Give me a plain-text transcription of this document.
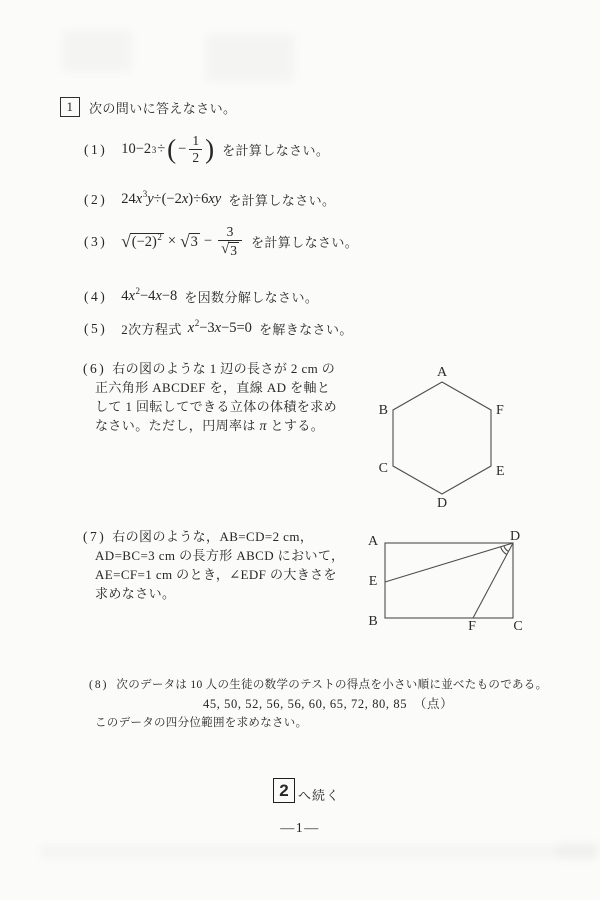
1 次の問いに答えなさい。
(1) 10−2 3 ÷ ( − $\frac{1}{2}$ ) を計算しなさい。
(2) $24x^3y\div(-2x)\div 6xy$ を計算しなさい。
(3) √ $(-2)^2$ × √ $3 - \frac{3}{√ 3}$ を計算しなさい。
(4) $4x^2-4x-8$ を因数分解しなさい。
(5) 2次方程式 $x^2-3x-5=0$ を解きなさい。
(6) 右の図のような 1 辺の長さが 2 cm の
正六角形 ABCDEF を，直線 AD を軸と
して 1 回転してできる立体の体積を求め
なさい。ただし，円周率は π とする。
A
B	F
C	E
D
(7) 右の図のような，AB=CD=2 cm，
AD=BC=3 cm の長方形 ABCD において，
AE=CF=1 cm のとき，∠EDF の大きさを
求めなさい。
A	D
E
B	C
F
(8) 次のデータは 10 人の生徒の数学のテストの得点を小さい順に並べたものである。
45, 50, 52, 56, 56, 60, 65, 72, 80, 85　（点）
このデータの四分位範囲を求めなさい。
2 へ続く
―1―
